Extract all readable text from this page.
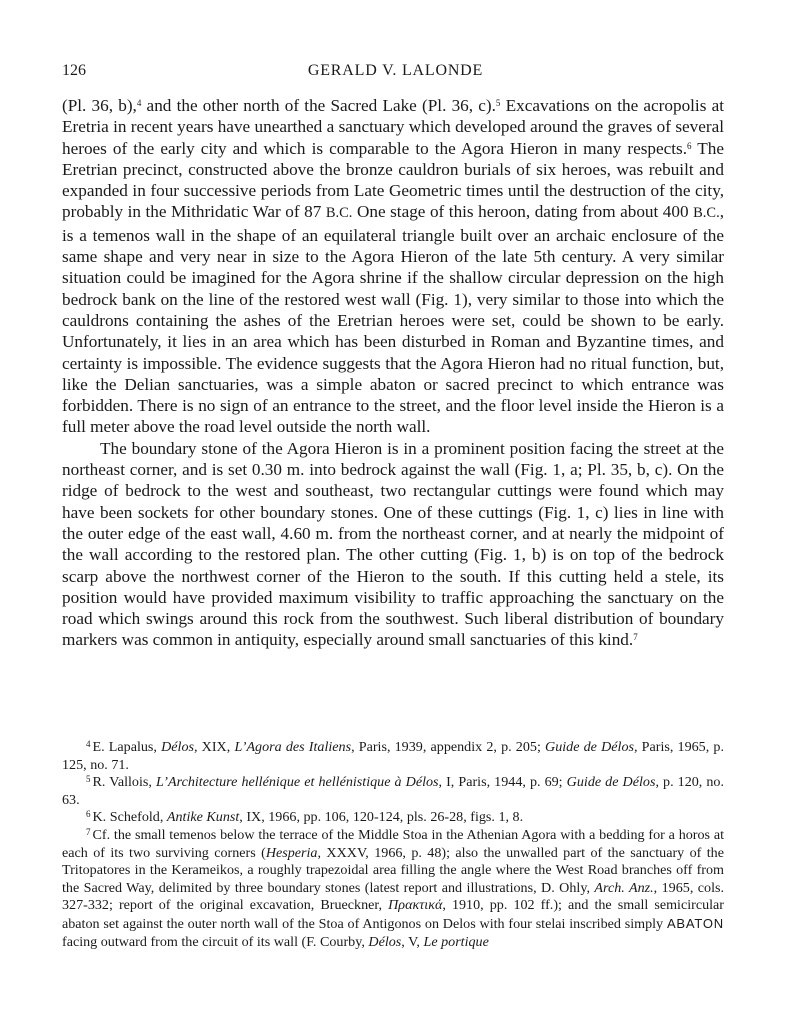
126	GERALD V. LALONDE

(Pl. 36, b),$^4$ and the other north of the Sacred Lake (Pl. 36, c).$^5$ Excavations on the acropolis at Eretria in recent years have unearthed a sanctuary which developed around the graves of several heroes of the early city and which is comparable to the Agora Hieron in many respects.$^6$ The Eretrian precinct, constructed above the bronze cauldron burials of six heroes, was rebuilt and expanded in four successive periods from Late Geometric times until the destruction of the city, probably in the Mithridatic War of 87 B.C. One stage of this heroon, dating from about 400 B.C., is a temenos wall in the shape of an equilateral triangle built over an archaic enclosure of the same shape and very near in size to the Agora Hieron of the late 5th century. A very similar situation could be imagined for the Agora shrine if the shallow circular depression on the high bedrock bank on the line of the restored west wall (Fig. 1), very similar to those into which the cauldrons containing the ashes of the Eretrian heroes were set, could be shown to be early. Unfortunately, it lies in an area which has been disturbed in Roman and Byzantine times, and certainty is impossible. The evidence suggests that the Agora Hieron had no ritual function, but, like the Delian sanctuaries, was a simple abaton or sacred precinct to which entrance was forbidden. There is no sign of an entrance to the street, and the floor level inside the Hieron is a full meter above the road level outside the north wall.

The boundary stone of the Agora Hieron is in a prominent position facing the street at the northeast corner, and is set 0.30 m. into bedrock against the wall (Fig. 1, a; Pl. 35, b, c). On the ridge of bedrock to the west and southeast, two rectangular cuttings were found which may have been sockets for other boundary stones. One of these cuttings (Fig. 1, c) lies in line with the outer edge of the east wall, 4.60 m. from the northeast corner, and at nearly the midpoint of the wall according to the restored plan. The other cutting (Fig. 1, b) is on top of the bedrock scarp above the northwest corner of the Hieron to the south. If this cutting held a stele, its position would have provided maximum visibility to traffic approaching the sanctuary on the road which swings around this rock from the southwest. Such liberal distribution of boundary markers was common in antiquity, especially around small sanctuaries of this kind.$^7$

$^4$ E. Lapalus, Délos, XIX, L’Agora des Italiens, Paris, 1939, appendix 2, p. 205; Guide de Délos, Paris, 1965, p. 125, no. 71.

$^5$ R. Vallois, L’Architecture hellénique et hellénistique à Délos, I, Paris, 1944, p. 69; Guide de Délos, p. 120, no. 63.

$^6$ K. Schefold, Antike Kunst, IX, 1966, pp. 106, 120-124, pls. 26-28, figs. 1, 8.

$^7$ Cf. the small temenos below the terrace of the Middle Stoa in the Athenian Agora with a bedding for a horos at each of its two surviving corners (Hesperia, XXXV, 1966, p. 48); also the unwalled part of the sanctuary of the Tritopatores in the Kerameikos, a roughly trapezoidal area filling the angle where the West Road branches off from the Sacred Way, delimited by three boundary stones (latest report and illustrations, D. Ohly, Arch. Anz., 1965, cols. 327-332; report of the original excavation, Brueckner, Πρακτικά, 1910, pp. 102 ff.); and the small semicircular abaton set against the outer north wall of the Stoa of Antigonos on Delos with four stelai inscribed simply ABATON facing outward from the circuit of its wall (F. Courby, Délos, V, Le portique
